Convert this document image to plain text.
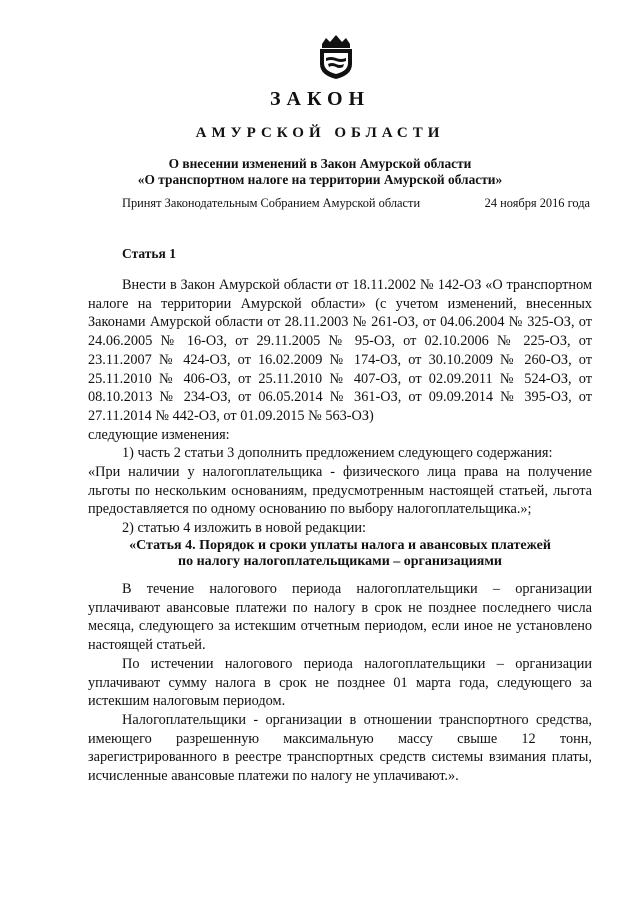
ЗАКОН
АМУРСКОЙ ОБЛАСТИ
О внесении изменений в Закон Амурской области
«О транспортном налоге на территории Амурской области»
Принят Законодательным Собранием Амурской области	24 ноября 2016 года
Статья 1

Внести в Закон Амурской области от 18.11.2002 № 142-ОЗ «О транспортном налоге на территории Амурской области» (с учетом изменений, внесенных Законами Амурской области от 28.11.2003 № 261-ОЗ, от 04.06.2004 № 325-ОЗ, от 24.06.2005 № 16-ОЗ, от 29.11.2005 № 95-ОЗ, от 02.10.2006 № 225-ОЗ, от 23.11.2007 № 424-ОЗ, от 16.02.2009 № 174-ОЗ, от 30.10.2009 № 260-ОЗ, от 25.11.2010 № 406-ОЗ, от 25.11.2010 № 407-ОЗ, от 02.09.2011 № 524-ОЗ, от 08.10.2013 № 234-ОЗ, от 06.05.2014 № 361-ОЗ, от 09.09.2014 № 395-ОЗ, от 27.11.2014 № 442-ОЗ, от 01.09.2015 № 563-ОЗ)

следующие изменения:

1) часть 2 статьи 3 дополнить предложением следующего содержания:

«При наличии у налогоплательщика - физического лица права на получение льготы по нескольким основаниям, предусмотренным настоящей статьей, льгота предоставляется по одному основанию по выбору налогоплательщика.»;

2) статью 4 изложить в новой редакции:

«Статья 4. Порядок и сроки уплаты налога и авансовых платежей
по налогу налогоплательщиками – организациями

В течение налогового периода налогоплательщики – организации уплачивают авансовые платежи по налогу в срок не позднее последнего числа месяца, следующего за истекшим отчетным периодом, если иное не установлено настоящей статьей.

По истечении налогового периода налогоплательщики – организации уплачивают сумму налога в срок не позднее 01 марта года, следующего за истекшим налоговым периодом.

Налогоплательщики - организации в отношении транспортного средства, имеющего разрешенную максимальную массу свыше 12 тонн, зарегистрированного в реестре транспортных средств системы взимания платы, исчисленные авансовые платежи по налогу не уплачивают.».
